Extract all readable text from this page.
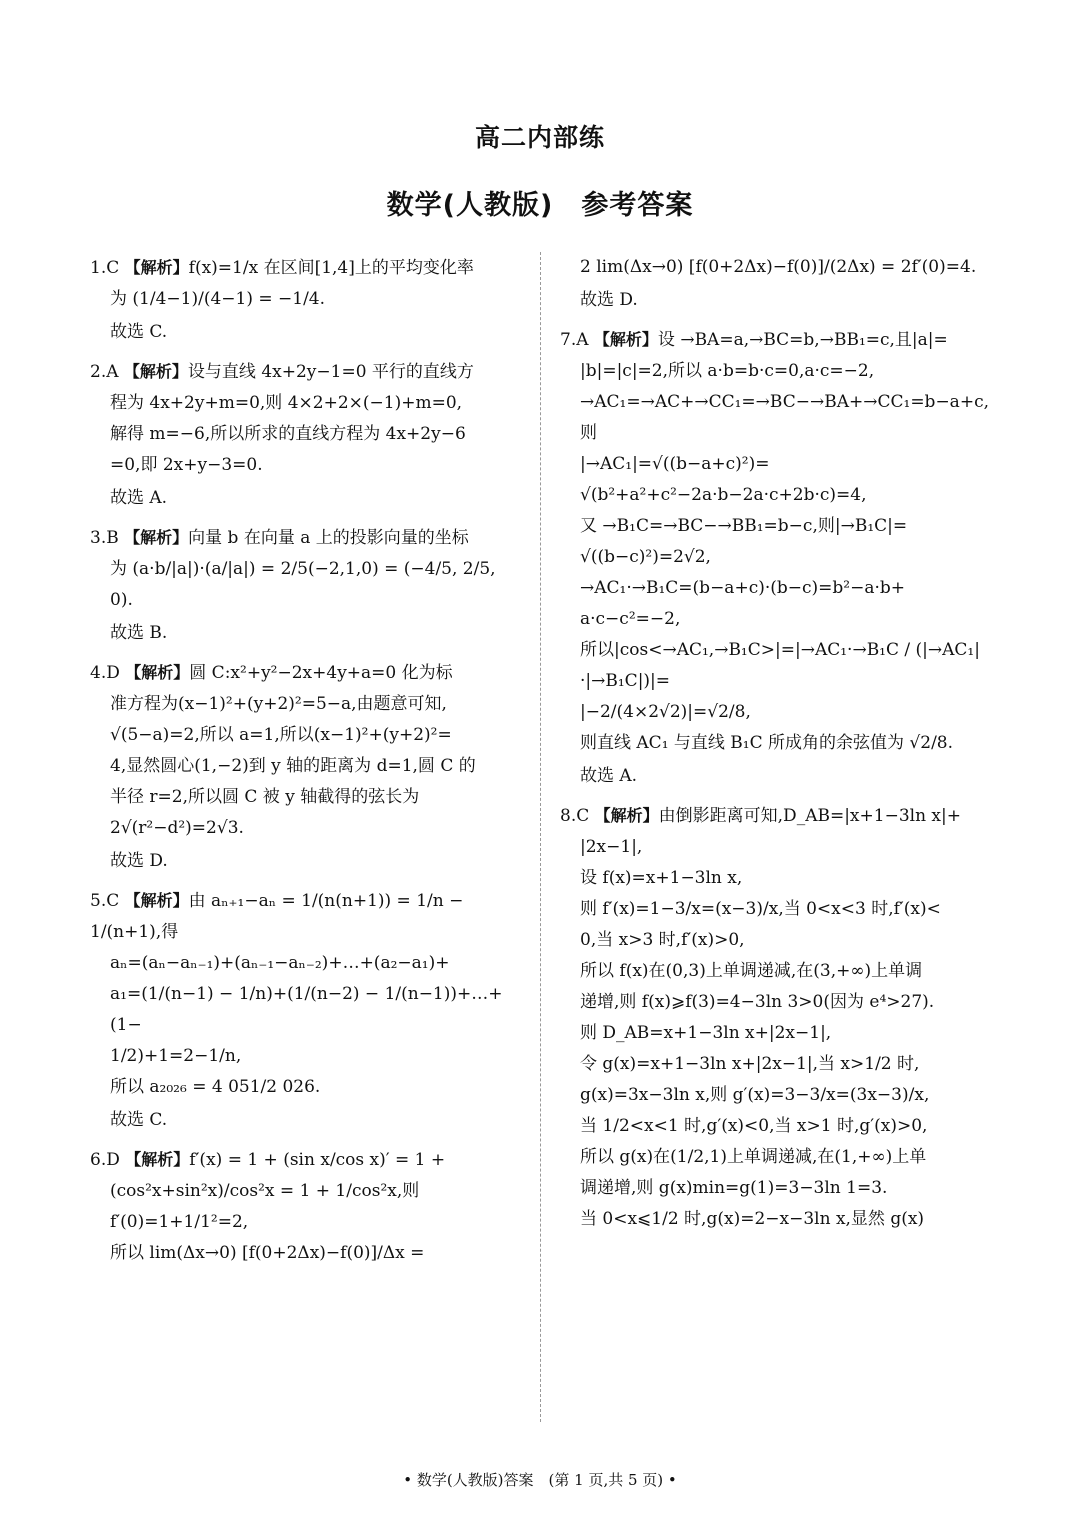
高二内部练
数学(人教版)　参考答案
1.C 【解析】f(x)=1/x 在区间[1,4]上的平均变化率
为 (1/4−1)/(4−1) = −1/4.
故选 C.
2.A 【解析】设与直线 4x+2y−1=0 平行的直线方
程为 4x+2y+m=0,则 4×2+2×(−1)+m=0,
解得 m=−6,所以所求的直线方程为 4x+2y−6
=0,即 2x+y−3=0.
故选 A.
3.B 【解析】向量 b 在向量 a 上的投影向量的坐标
为 (a·b/|a|)·(a/|a|) = 2/5(−2,1,0) = (−4/5, 2/5, 0).
故选 B.
4.D 【解析】圆 C:x²+y²−2x+4y+a=0 化为标
准方程为(x−1)²+(y+2)²=5−a,由题意可知,
√(5−a)=2,所以 a=1,所以(x−1)²+(y+2)²=
4,显然圆心(1,−2)到 y 轴的距离为 d=1,圆 C 的
半径 r=2,所以圆 C 被 y 轴截得的弦长为
2√(r²−d²)=2√3.
故选 D.
5.C 【解析】由 aₙ₊₁−aₙ = 1/(n(n+1)) = 1/n − 1/(n+1),得
aₙ=(aₙ−aₙ₋₁)+(aₙ₋₁−aₙ₋₂)+…+(a₂−a₁)+
a₁=(1/(n−1) − 1/n)+(1/(n−2) − 1/(n−1))+…+(1−
1/2)+1=2−1/n,
所以 a₂₀₂₆ = 4 051/2 026.
故选 C.
6.D 【解析】f′(x) = 1 + (sin x/cos x)′ = 1 +
(cos²x+sin²x)/cos²x = 1 + 1/cos²x,则 f′(0)=1+1/1²=2,
所以 lim(Δx→0) [f(0+2Δx)−f(0)]/Δx =
2 lim(Δx→0) [f(0+2Δx)−f(0)]/(2Δx) = 2f′(0)=4.
故选 D.
7.A 【解析】设 →BA=a,→BC=b,→BB₁=c,且|a|=
|b|=|c|=2,所以 a·b=b·c=0,a·c=−2,
→AC₁=→AC+→CC₁=→BC−→BA+→CC₁=b−a+c,则
|→AC₁|=√((b−a+c)²)=
√(b²+a²+c²−2a·b−2a·c+2b·c)=4,
又 →B₁C=→BC−→BB₁=b−c,则|→B₁C|=
√((b−c)²)=2√2,
→AC₁·→B₁C=(b−a+c)·(b−c)=b²−a·b+
a·c−c²=−2,
所以|cos<→AC₁,→B₁C>|=|→AC₁·→B₁C / (|→AC₁|·|→B₁C|)|=
|−2/(4×2√2)|=√2/8,
则直线 AC₁ 与直线 B₁C 所成角的余弦值为 √2/8.
故选 A.
8.C 【解析】由倒影距离可知,D_AB=|x+1−3ln x|+
|2x−1|,
设 f(x)=x+1−3ln x,
则 f′(x)=1−3/x=(x−3)/x,当 0<x<3 时,f′(x)<
0,当 x>3 时,f′(x)>0,
所以 f(x)在(0,3)上单调递减,在(3,+∞)上单调
递增,则 f(x)⩾f(3)=4−3ln 3>0(因为 e⁴>27).
则 D_AB=x+1−3ln x+|2x−1|,
令 g(x)=x+1−3ln x+|2x−1|,当 x>1/2 时,
g(x)=3x−3ln x,则 g′(x)=3−3/x=(3x−3)/x,
当 1/2<x<1 时,g′(x)<0,当 x>1 时,g′(x)>0,
所以 g(x)在(1/2,1)上单调递减,在(1,+∞)上单
调递增,则 g(x)min=g(1)=3−3ln 1=3.
当 0<x⩽1/2 时,g(x)=2−x−3ln x,显然 g(x)
• 数学(人教版)答案　(第 1 页,共 5 页) •
